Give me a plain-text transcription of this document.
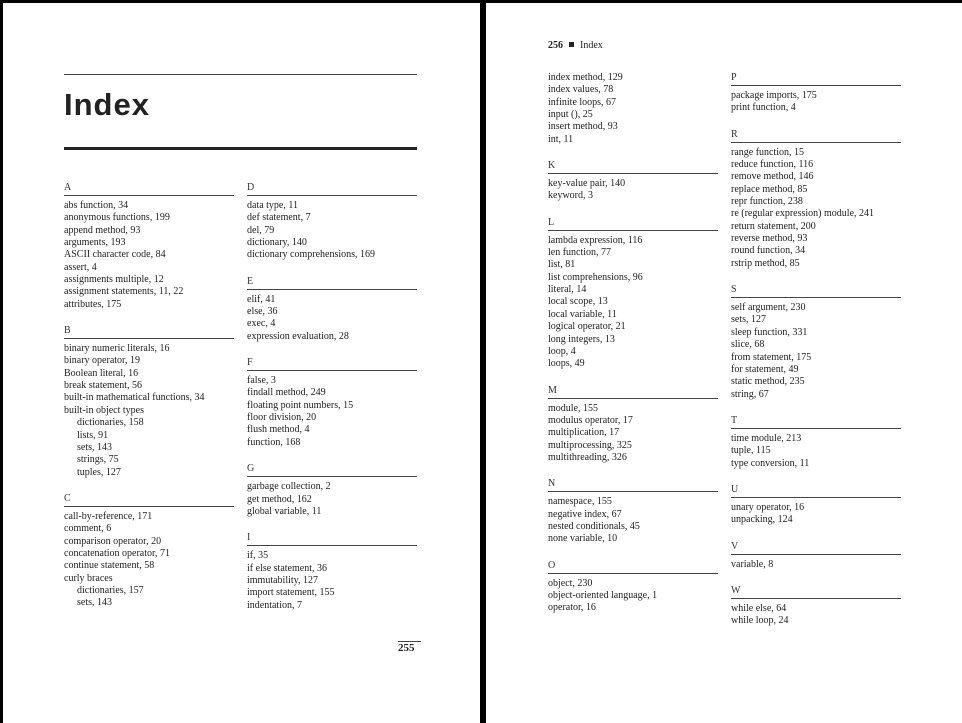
Index
A
abs function, 34
anonymous functions, 199
append method, 93
arguments, 193
ASCII character code, 84
assert, 4
assignments multiple, 12
assignment statements, 11, 22
attributes, 175
B
binary numeric literals, 16
binary operator, 19
Boolean literal, 16
break statement, 56
built-in mathematical functions, 34
built-in object types
dictionaries, 158
lists, 91
sets, 143
strings, 75
tuples, 127
C
call-by-reference, 171
comment, 6
comparison operator, 20
concatenation operator, 71
continue statement, 58
curly braces
dictionaries, 157
sets, 143
D
data type, 11
def statement, 7
del, 79
dictionary, 140
dictionary comprehensions, 169
E
elif, 41
else, 36
exec, 4
expression evaluation, 28
F
false, 3
findall method, 249
floating point numbers, 15
floor division, 20
flush method, 4
function, 168
G
garbage collection, 2
get method, 162
global variable, 11
I
if, 35
if else statement, 36
immutability, 127
import statement, 155
indentation, 7
255
256 Index
index method, 129
index values, 78
infinite loops, 67
input (), 25
insert method, 93
int, 11
K
key-value pair, 140
keyword, 3
L
lambda expression, 116
len function, 77
list, 81
list comprehensions, 96
literal, 14
local scope, 13
local variable, 11
logical operator, 21
long integers, 13
loop, 4
loops, 49
M
module, 155
modulus operator, 17
multiplication, 17
multiprocessing, 325
multithreading, 326
N
namespace, 155
negative index, 67
nested conditionals, 45
none variable, 10
O
object, 230
object-oriented language, 1
operator, 16
P
package imports, 175
print function, 4
R
range function, 15
reduce function, 116
remove method, 146
replace method, 85
repr function, 238
re (regular expression) module, 241
return statement, 200
reverse method, 93
round function, 34
rstrip method, 85
S
self argument, 230
sets, 127
sleep function, 331
slice, 68
from statement, 175
for statement, 49
static method, 235
string, 67
T
time module, 213
tuple, 115
type conversion, 11
U
unary operator, 16
unpacking, 124
V
variable, 8
W
while else, 64
while loop, 24
